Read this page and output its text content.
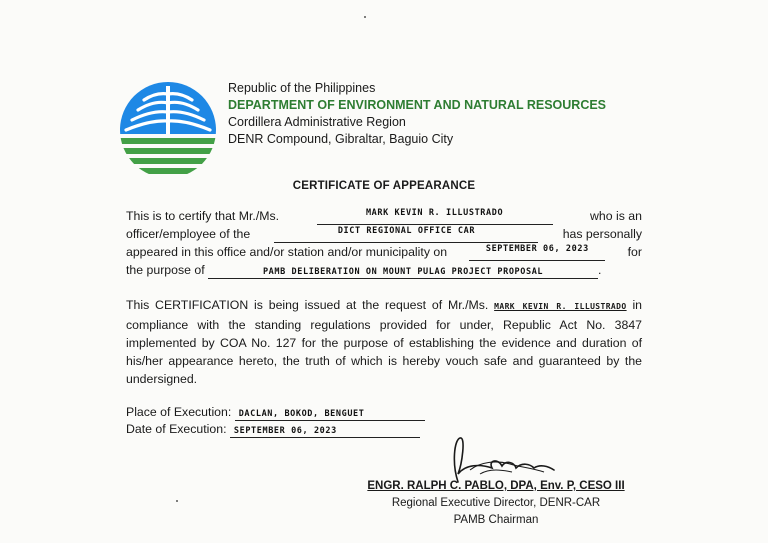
Republic of the Philippines
DEPARTMENT OF ENVIRONMENT AND NATURAL RESOURCES
Cordillera Administrative Region
DENR Compound, Gibraltar, Baguio City
CERTIFICATE OF APPEARANCE
This is to certify that Mr./Ms.	MARK KEVIN R. ILLUSTRADO	who is an
officer/employee of the	DICT REGIONAL OFFICE CAR	has personally
appeared in this office and/or station and/or municipality on	SEPTEMBER 06, 2023	for
the purpose of	PAMB DELIBERATION ON MOUNT PULAG PROJECT PROPOSAL	.
This CERTIFICATION is being issued at the request of Mr./Ms. MARK KEVIN R. ILLUSTRADO in compliance with the standing regulations provided for under, Republic Act No. 3847 implemented by COA No. 127 for the purpose of establishing the evidence and duration of his/her appearance hereto, the truth of which is hereby vouch safe and guaranteed by the undersigned.
Place of Execution: DACLAN, BOKOD, BENGUET
Date of Execution: SEPTEMBER 06, 2023
ENGR. RALPH C. PABLO, DPA, Env. P, CESO III
Regional Executive Director, DENR-CAR
PAMB Chairman
